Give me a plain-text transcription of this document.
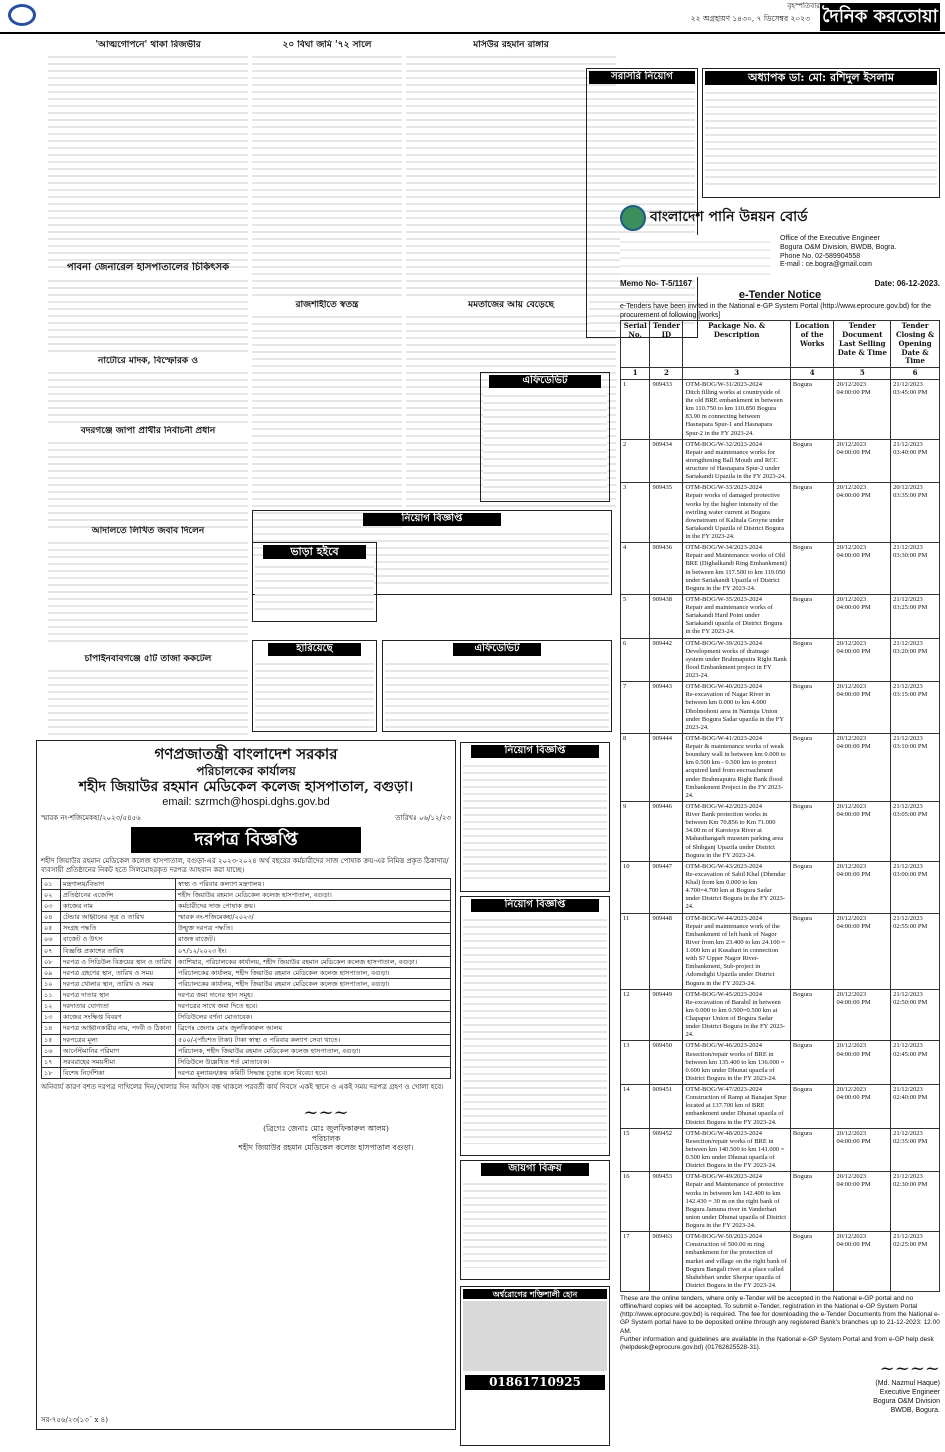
বৃহস্পতিবার
২২ অগ্রহায়ণ ১৪৩০, ৭ ডিসেম্বর ২০২৩ দৈনিক করতোয়া
'আত্মগোপনে' থাকা রিজভীর
পাবনা জেনারেল হাসপাতালের চিকিৎসক
নাটোরে মাদক, বিস্ফোরক ও
বদরগঞ্জে জাপা প্রার্থীর নির্বাচনী প্রধান
আদালতে লিখিত জবাব দিলেন
চাঁপাইনবাবগঞ্জে ৫টি তাজা ককটেল
২০ বিঘা জমি '৭২ সালে
রাজশাহীতে স্বতন্ত্র
মসিউর রহমান রাঙ্গার
মমতাজের আয় বেড়েছে
এফিডেভিট
নিয়োগ বিজ্ঞপ্তি
ভাড়া হইবে
হারিয়েছে	এফিডেভিট
সরাসরি নিয়োগ	অধ্যাপক ডা: মো: রশিদুল ইসলাম
বাংলাদেশ পানি উন্নয়ন বোর্ড
Office of the Executive Engineer
Bogura O&M Division, BWDB, Bogra.
Phone No. 02-589904558
E-mail : ce.bogra@gmail.com
Memo No- T-5/1167	Date: 06-12-2023.
e-Tender Notice
e-Tenders have been invited in the National e-GP System Portal (http://www.eprocure.gov.bd) for the procurement of following [works]
Serial No.	Tender ID	Package No. & Description	Location of the Works	Tender Document Last Selling Date & Time	Tender Closing & Opening Date & Time
1	2	3	4	5	6

1	909433	OTM-BOG/W-31/2023-2024
Ditch filling works at countryside of the old BRE embankment in between km 110.750 to km 110.850 Bogura 83.90 m connecting between Hasnapara Spur-1 and Hasnapara Spur-2 in the FY 2023-24.	Bogura	20/12/2023 04:00:00 PM	21/12/2023 03:45:00 PM

2	909434	OTM-BOG/W-32/2023-2024
Repair and maintenance works for strengthening Ball Mouth and RCC structure of Hasnapara Spur-2 under Sariakandi Upazila in the FY 2023-24.	Bogura	20/12/2023 04:00:00 PM	21/12/2023 03:40:00 PM

3	909435	OTM-BOG/W-33/2023-2024
Repair works of damaged protective works by the higher intensity of the swirling water current at Bogura downstream of Kalitala Groyne under Sariakandi Upazila of District Bogura in the FY 2023-24.	Bogura	20/12/2023 04:00:00 PM	20/12/2023 03:35:00 PM

4	909436	OTM-BOG/W-34/2023-2024
Repair and Maintenance works of Old BRE (Dighalkandi Ring Embankment) in between km 117.500 to km 119.050 under Sariakandi Upazila of District Bogura in the FY 2023-24.	Bogura	20/12/2023 04:00:00 PM	21/12/2023 03:30:00 PM

5	909438	OTM-BOG/W-35/2023-2024
Repair and maintenance works of Sariakandi Hard Point under Sariakandi upazila of District Bogura in the FY 2023-24.	Bogura	20/12/2023 04:00:00 PM	21/12/2023 03:25:00 PM

6	909442	OTM-BOG/W-39/2023-2024
Development works of drainage system under Brahmaputra Right Bank flood Embankment project in FY 2023-24.	Bogura	20/12/2023 04:00:00 PM	21/12/2023 03:20:00 PM

7	909443	OTM-BOG/W-40/2023-2024
Re-excavation of Nagar River in between km 0.000 to km 4.000 Dholmohoni area in Namuja Union under Bogura Sadar upazila in the FY 2023-24.	Bogura	20/12/2023 04:00:00 PM	21/12/2023 03:15:00 PM

8	909444	OTM-BOG/W-41/2023-2024
Repair & maintenance works of weak boundary wall in between km 0.000 to km 0.500 km - 0.500 km to protect acquired land from encroachment under Brahmaputra Right Bank flood Embankment Project in the FY 2023-24.	Bogura	20/12/2023 04:00:00 PM	21/12/2023 03:10:00 PM

9	909446	OTM-BOG/W-42/2023-2024
River Bank protection works in between Km 70.856 to Km 71.000 34.00 m of Karotoya River at Mahasthangarh museum parking area of Shibganj Upazila under District Bogura in the FY 2023-24.	Bogura	20/12/2023 04:00:00 PM	21/12/2023 03:05:00 PM

10	909447	OTM-BOG/W-43/2023-2024
Re-excavation of Sabil Khal (Dhendar Khal) from km 0.000 to km 4.700=4.700 km at Bogura Sadar under District Bogura in the FY 2023-24.	Bogura	20/12/2023 04:00:00 PM	21/12/2023 03:00:00 PM

11	909448	OTM-BOG/W-44/2023-2024
Repair and maintenance work of the Embankment of left bank of Nagor River from km 23.400 to km 24.100 = 1.000 km at Kusahari in connection with S? Upper Nagor River-Embankment, Sub-project in Adomdighi Upazila under District Bogura in the FY 2023-24.	Bogura	20/12/2023 04:00:00 PM	21/12/2023 02:55:00 PM

12	909449	OTM-BOG/W-45/2023-2024
Re-excavation of Barabil in between km 0.000 to km 0.500=0.500 km at Chapapur Union of Bogura Sadar under District Bogura in the FY 2023-24.	Bogura	20/12/2023 04:00:00 PM	21/12/2023 02:50:00 PM

13	909450	OTM-BOG/W-46/2023-2024
Resection/repair works of BRE in between km 135.400 to km 136.000 = 0.600 km under Dhunat upazila of District Bogura in the FY 2023-24.	Bogura	20/12/2023 04:00:00 PM	21/12/2023 02:45:00 PM

14	909451	OTM-BOG/W-47/2023-2024
Construction of Ramp at Banajan Spur located at 137.700 km of BRE embankment under Dhunat upazila of District Bogura in the FY 2023-24.	Bogura	20/12/2023 04:00:00 PM	21/12/2023 02:40:00 PM

15	909452	OTM-BOG/W-48/2023-2024
Resection/repair works of BRE in between km 140.500 to km 141.000 = 0.500 km under Dhunat upazila of District Bogura in the FY 2023-24.	Bogura	20/12/2023 04:00:00 PM	21/12/2023 02:35:00 PM

16	909453	OTM-BOG/W-49/2023-2024
Repair and Maintenance of protective works in between km 142.400 to km 142.430 = 30 m on the right bank of Bogura Jamuna river in Vanderbari union under Dhunat upazila of District Bogura in the FY 2023-24.	Bogura	20/12/2023 04:00:00 PM	21/12/2023 02:30:00 PM

17	909463	OTM-BOG/W-50/2023-2024
Construction of 500.00 m ring embankment for the protection of market and village on the right bank of Bogura Bangali river at a place called Shahebbari under Sherpur upazila of District Bogura in the FY 2023-24.	Bogura	20/12/2023 04:00:00 PM	21/12/2023 02:25:00 PM
These are the online tenders, where only e-Tender will be accepted in the National e-GP portal and no offline/hard copies will be accepted. To submit e-Tender, registration in the National e-GP System Portal (http://www.eprocure.gov.bd) is required. The fee for downloading the e-Tender Documents from the National e-GP System portal have to be deposited online through any registered Bank's branches up to 21-12-2023: 12.00 AM.
Further information and guidelines are available in the National e-GP System Portal and from e-GP help desk (helpdesk@eprocure.gov.bd) (01762625528-31).
~~~~
(Md. Nazmul Haque)
Executive Engineer
Bogura O&M Division
BWDB, Bogura.
গণপ্রজাতন্ত্রী বাংলাদেশ সরকার
পরিচালকের কার্যালয়
শহীদ জিয়াউর রহমান মেডিকেল কলেজ হাসপাতাল, বগুড়া।
email: szrmch@hospi.dghs.gov.bd
স্মারক নং-শজিমেকহা/২০২৩/৫৪৫৬	তারিখঃ ০৬/১২/২৩
দরপত্র বিজ্ঞপ্তি
শহীদ জিয়াউর রহমান মেডিকেল কলেজ হাসপাতাল, বগুড়া-এর ২০২৩-২০২৪ অর্থ বছরের কর্মচারীদের সাজ পোষাক ক্রয়-এর নিমিত্ত প্রকৃত ঠিকাদার/ব্যবসায়ী প্রতিষ্ঠানের নিকট হতে সিলমোহরকৃত দরপত্র আহবান করা যাচ্ছে।
০১	মন্ত্রণালয়/বিভাগ	স্বাস্থ্য ও পরিবার কল্যাণ মন্ত্রণালয়।
০২	প্রতিষ্ঠানের এজেন্সি	শহীদ জিয়াউর রহমান মেডিকেল কলেজ হাসপাতাল, বগুড়া।
০৩	কাজের নাম	কর্মচারীদের সাজ পোষাক ক্রয়।
০৪	টেন্ডার আহ্বানের সূত্র ও তারিখ	স্মারক নং-শজিমেকহা/২০২৩/
০৫	সংগ্রহ পদ্ধতি	উন্মুক্ত দরপত্র পদ্ধতি।
০৬	বাজেট ও উৎস	রাজস্ব বাজেট।
০৭	বিজ্ঞপ্তি প্রকাশের তারিখ	০৭/১২/২০২৩ ইং।
০৮	দরপত্র ও সিডিউল বিক্রয়ের স্থান ও তারিখ	ক্যাশিয়ার, পরিচালকের কার্যালয়, শহীদ জিয়াউর রহমান মেডিকেল কলেজ হাসপাতাল, বগুড়া।
০৯	দরপত্র গ্রহণের স্থান, তারিখ ও সময়	পরিচালকের কার্যালয়, শহীদ জিয়াউর রহমান মেডিকেল কলেজ হাসপাতাল, বগুড়া।
১০	দরপত্র খোলার স্থান, তারিখ ও সময়	পরিচালকের কার্যালয়, শহীদ জিয়াউর রহমান মেডিকেল কলেজ হাসপাতাল, বগুড়া।
১১	দরপত্র দাতার স্থান	দরপত্র জমা দানের স্থান সমূহ।
১২	দরদাতার যোগ্যতা	দরপত্রের সাথে জমা দিতে হবে।
১৩	কাজের সংক্ষিপ্ত বিবরণ	সিডিউলের বর্ণনা মোতাবেক।
১৪	দরপত্র আহ্বানকারীর নাম, পদবী ও ঠিকানা	ব্রিগেঃ জেনাঃ মোঃ জুলফিকারুল আলম
১৫	দরপত্রের মূল্য	৫০০/-(পাঁচশত টাকা) টাকা স্বাস্থ্য ও পরিবার কল্যাণ সেবা খাতে।
১৬	আর্নেস্টমানির পরিমাণ	পরিচালক, শহীদ জিয়াউর রহমান মেডিকেল কলেজ হাসপাতাল, বগুড়া।
১৭	সরবরাহের সময়সীমা	সিডিউলে উল্লেখিত শর্ত মোতাবেক।
১৮	বিশেষ নির্দেশিকা	দরপত্র মূল্যায়ন/ক্রয় কমিটি সিদ্ধান্ত চূড়ান্ত বলে বিবেচ্য হবে।
অনিবার্য কারণ বশত দরপত্র দাখিলের দিন/খোলার দিন অফিস বন্ধ থাকলে পরবর্তী কার্য দিবসে একই স্থানে ও একই সময় দরপত্র গ্রহণ ও খোলা হবে।
~~~
(ব্রিগেঃ জেনাঃ মোঃ জুলফিকারুল আলম)
পরিচালক
শহীদ জিয়াউর রহমান মেডিকেল কলেজ হাসপাতাল বগুড়া।
সর-৭৫৬/২৩(১৩´ x ৪)
নিয়োগ বিজ্ঞপ্তি
নিয়োগ বিজ্ঞপ্তি
জায়গা বিক্রয়
অর্শ্বরোগের শক্তিশালী হোন
01861710925
